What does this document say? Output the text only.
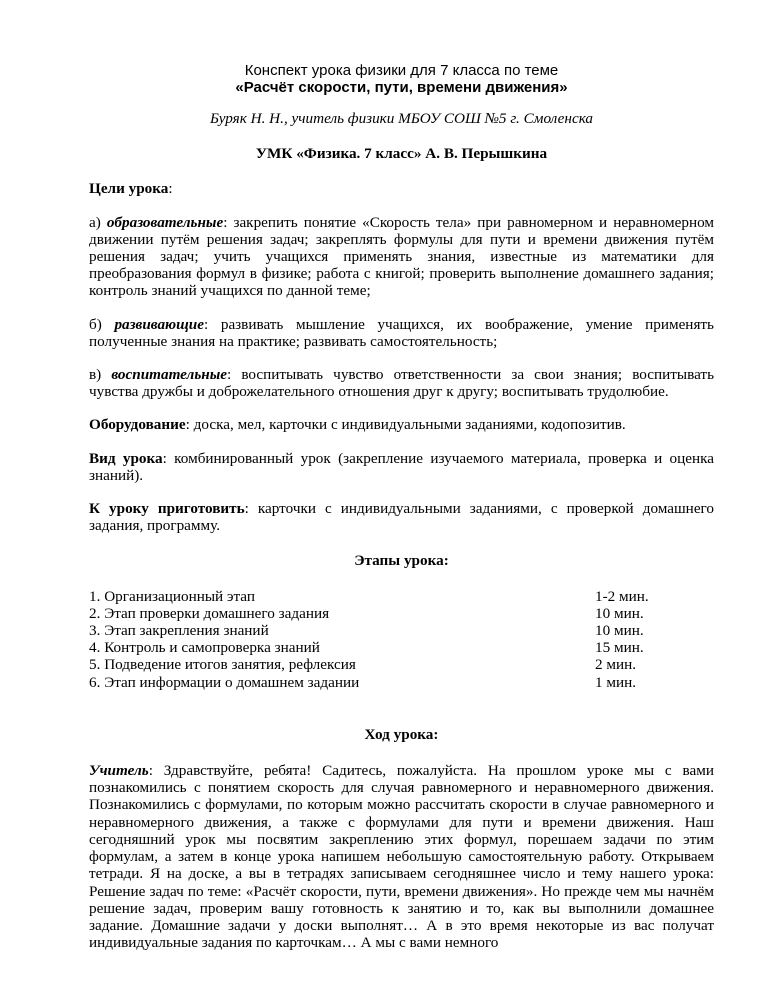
Конспект урока физики для 7 класса по теме
«Расчёт скорости, пути, времени движения»
Буряк Н. Н., учитель физики МБОУ СОШ №5 г. Смоленска
УМК «Физика. 7 класс» А. В. Перышкина

Цели урока:

а) образовательные: закрепить понятие «Скорость тела» при равномерном и неравномерном движении путём решения задач; закреплять формулы для пути и времени движения путём решения задач; учить учащихся применять знания, известные из математики для преобразования формул в физике; работа с книгой; проверить выполнение домашнего задания; контроль знаний учащихся по данной теме;

б) развивающие: развивать мышление учащихся, их воображение, умение применять полученные знания на практике; развивать самостоятельность;

в) воспитательные: воспитывать чувство ответственности за свои знания; воспитывать чувства дружбы и доброжелательного отношения друг к другу; воспитывать трудолюбие.

Оборудование: доска, мел, карточки с индивидуальными заданиями, кодопозитив.

Вид урока: комбинированный урок (закрепление изучаемого материала, проверка и оценка знаний).

К уроку приготовить: карточки с индивидуальными заданиями, с проверкой домашнего задания, программу.

Этапы урока:
1. Организационный этап	1-2 мин.
2. Этап проверки домашнего задания	10 мин.
3. Этап закрепления знаний	10 мин.
4. Контроль и самопроверка знаний	15 мин.
5. Подведение итогов занятия, рефлексия	2 мин.
6. Этап информации о домашнем задании	1 мин.
Ход урока:

Учитель: Здравствуйте, ребята! Садитесь, пожалуйста. На прошлом уроке мы с вами познакомились с понятием скорость для случая равномерного и неравномерного движения. Познакомились с формулами, по которым можно рассчитать скорости в случае равномерного и неравномерного движения, а также с формулами для пути и времени движения. Наш сегодняшний урок мы посвятим закреплению этих формул, порешаем задачи по этим формулам, а затем в конце урока напишем небольшую самостоятельную работу. Открываем тетради. Я на доске, а вы в тетрадях записываем сегодняшнее число и тему нашего урока: Решение задач по теме: «Расчёт скорости, пути, времени движения». Но прежде чем мы начнём решение задач, проверим вашу готовность к занятию и то, как вы выполнили домашнее задание. Домашние задачи у доски выполнят… А в это время некоторые из вас получат индивидуальные задания по карточкам… А мы с вами немного
